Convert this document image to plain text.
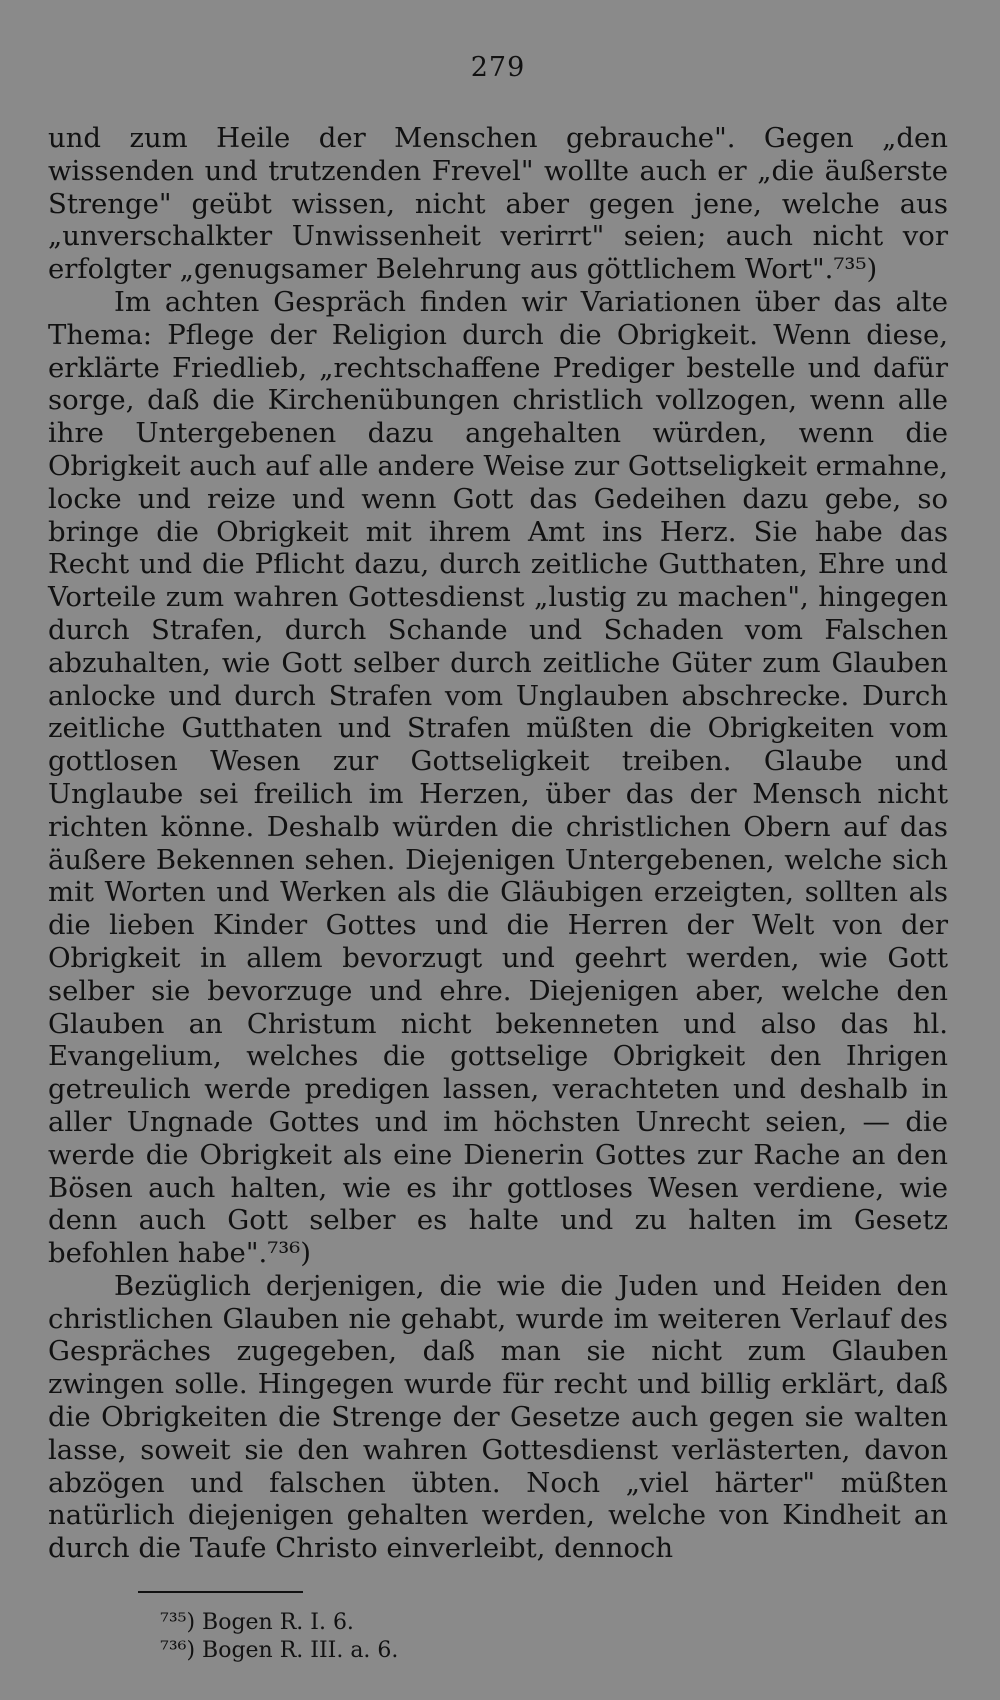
279

und zum Heile der Menschen gebrauche". Gegen „den wissenden und trutzenden Frevel" wollte auch er „die äußerste Strenge" geübt wissen, nicht aber gegen jene, welche aus „unverschalkter Unwissenheit verirrt" seien; auch nicht vor erfolgter „genugsamer Belehrung aus göttlichem Wort".⁷³⁵)

Im achten Gespräch finden wir Variationen über das alte Thema: Pflege der Religion durch die Obrigkeit. Wenn diese, erklärte Friedlieb, „rechtschaffene Prediger bestelle und dafür sorge, daß die Kirchenübungen christlich vollzogen, wenn alle ihre Untergebenen dazu angehalten würden, wenn die Obrigkeit auch auf alle andere Weise zur Gottseligkeit ermahne, locke und reize und wenn Gott das Gedeihen dazu gebe, so bringe die Obrigkeit mit ihrem Amt ins Herz. Sie habe das Recht und die Pflicht dazu, durch zeitliche Gutthaten, Ehre und Vorteile zum wahren Gottesdienst „lustig zu machen", hingegen durch Strafen, durch Schande und Schaden vom Falschen abzuhalten, wie Gott selber durch zeitliche Güter zum Glauben anlocke und durch Strafen vom Unglauben abschrecke. Durch zeitliche Gutthaten und Strafen müßten die Obrigkeiten vom gottlosen Wesen zur Gottseligkeit treiben. Glaube und Unglaube sei freilich im Herzen, über das der Mensch nicht richten könne. Deshalb würden die christlichen Obern auf das äußere Bekennen sehen. Diejenigen Untergebenen, welche sich mit Worten und Werken als die Gläubigen erzeigten, sollten als die lieben Kinder Gottes und die Herren der Welt von der Obrigkeit in allem bevorzugt und geehrt werden, wie Gott selber sie bevorzuge und ehre. Diejenigen aber, welche den Glauben an Christum nicht bekenneten und also das hl. Evangelium, welches die gottselige Obrigkeit den Ihrigen getreulich werde predigen lassen, verachteten und deshalb in aller Ungnade Gottes und im höchsten Unrecht seien, — die werde die Obrigkeit als eine Dienerin Gottes zur Rache an den Bösen auch halten, wie es ihr gottloses Wesen verdiene, wie denn auch Gott selber es halte und zu halten im Gesetz befohlen habe".⁷³⁶)

Bezüglich derjenigen, die wie die Juden und Heiden den christlichen Glauben nie gehabt, wurde im weiteren Verlauf des Gespräches zugegeben, daß man sie nicht zum Glauben zwingen solle. Hingegen wurde für recht und billig erklärt, daß die Obrigkeiten die Strenge der Gesetze auch gegen sie walten lasse, soweit sie den wahren Gottesdienst verlästerten, davon abzögen und falschen übten. Noch „viel härter" müßten natürlich diejenigen gehalten werden, welche von Kindheit an durch die Taufe Christo einverleibt, dennoch

⁷³⁵) Bogen R. I. 6.

⁷³⁶) Bogen R. III. a. 6.
